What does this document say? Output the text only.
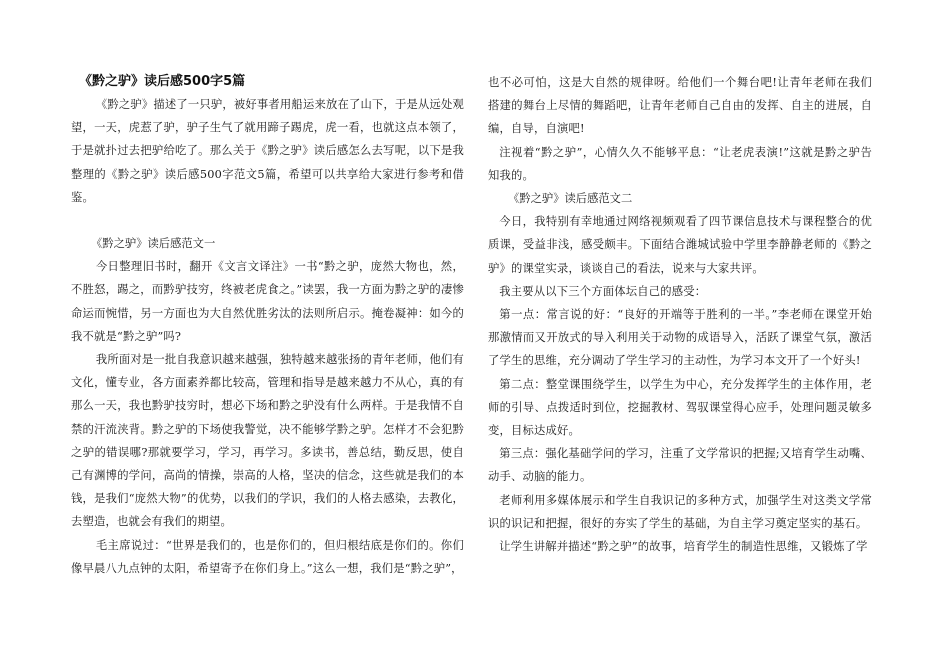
《黔之驴》读后感500字5篇

《黔之驴》描述了一只驴，被好事者用船运来放在了山下，于是从远处观望，一天，虎惹了驴，驴子生气了就用蹄子踢虎，虎一看，也就这点本领了，于是就扑过去把驴给吃了。那么关于《黔之驴》读后感怎么去写呢，以下是我整理的《黔之驴》读后感500字范文5篇，希望可以共享给大家进行参考和借鉴。

《黔之驴》读后感范文一

今日整理旧书时，翻开《文言文译注》一书“黔之驴，庞然大物也，然，不胜怒，踢之，而黔驴技穷，终被老虎食之。”读罢，我一方面为黔之驴的凄惨命运而惋惜，另一方面也为大自然优胜劣汰的法则所启示。掩卷凝神：如今的我不就是“黔之驴”吗?

我所面对是一批自我意识越来越强，独特越来越张扬的青年老师，他们有文化，懂专业，各方面素养都比较高，管理和指导是越来越力不从心，真的有那么一天，我也黔驴技穷时，想必下场和黔之驴没有什么两样。于是我情不自禁的汗流浃背。黔之驴的下场使我警觉，决不能够学黔之驴。怎样才不会犯黔之驴的错误哪?那就要学习，学习，再学习。多读书，善总结，勤反思，使自己有渊博的学问，高尚的情操，崇高的人格，坚决的信念，这些就是我们的本钱，是我们“庞然大物”的优势，以我们的学识，我们的人格去感染，去教化，去塑造，也就会有我们的期望。

毛主席说过：“世界是我们的，也是你们的，但归根结底是你们的。你们像早晨八九点钟的太阳，希望寄予在你们身上。”这么一想，我们是“黔之驴”，

也不必可怕，这是大自然的规律呀。给他们一个舞台吧!让青年老师在我们搭建的舞台上尽情的舞蹈吧，让青年老师自己自由的发挥、自主的进展，自编，自导，自演吧!

注视着“黔之驴”，心情久久不能够平息：“让老虎表演!”这就是黔之驴告知我的。

《黔之驴》读后感范文二

今日，我特别有幸地通过网络视频观看了四节课信息技术与课程整合的优质课，受益非浅，感受颇丰。下面结合潍城试验中学里李静静老师的《黔之驴》的课堂实录，谈谈自己的看法，说来与大家共评。

我主要从以下三个方面体坛自己的感受：

第一点：常言说的好：“良好的开端等于胜利的一半。”李老师在课堂开始那激情而又开放式的导入利用关于动物的成语导入，活跃了课堂气氛，激活了学生的思维，充分调动了学生学习的主动性，为学习本文开了一个好头!

第二点：整堂课围绕学生，以学生为中心，充分发挥学生的主体作用，老师的引导、点拨适时到位，挖掘教材、驾驭课堂得心应手，处理问题灵敏多变，目标达成好。

第三点：强化基础学问的学习，注重了文学常识的把握;又培育学生动嘴、动手、动脑的能力。

老师利用多媒体展示和学生自我识记的多种方式，加强学生对这类文学常识的识记和把握，很好的夯实了学生的基础，为自主学习奠定坚实的基石。

让学生讲解并描述“黔之驴”的故事，培育学生的制造性思维，又锻炼了学
